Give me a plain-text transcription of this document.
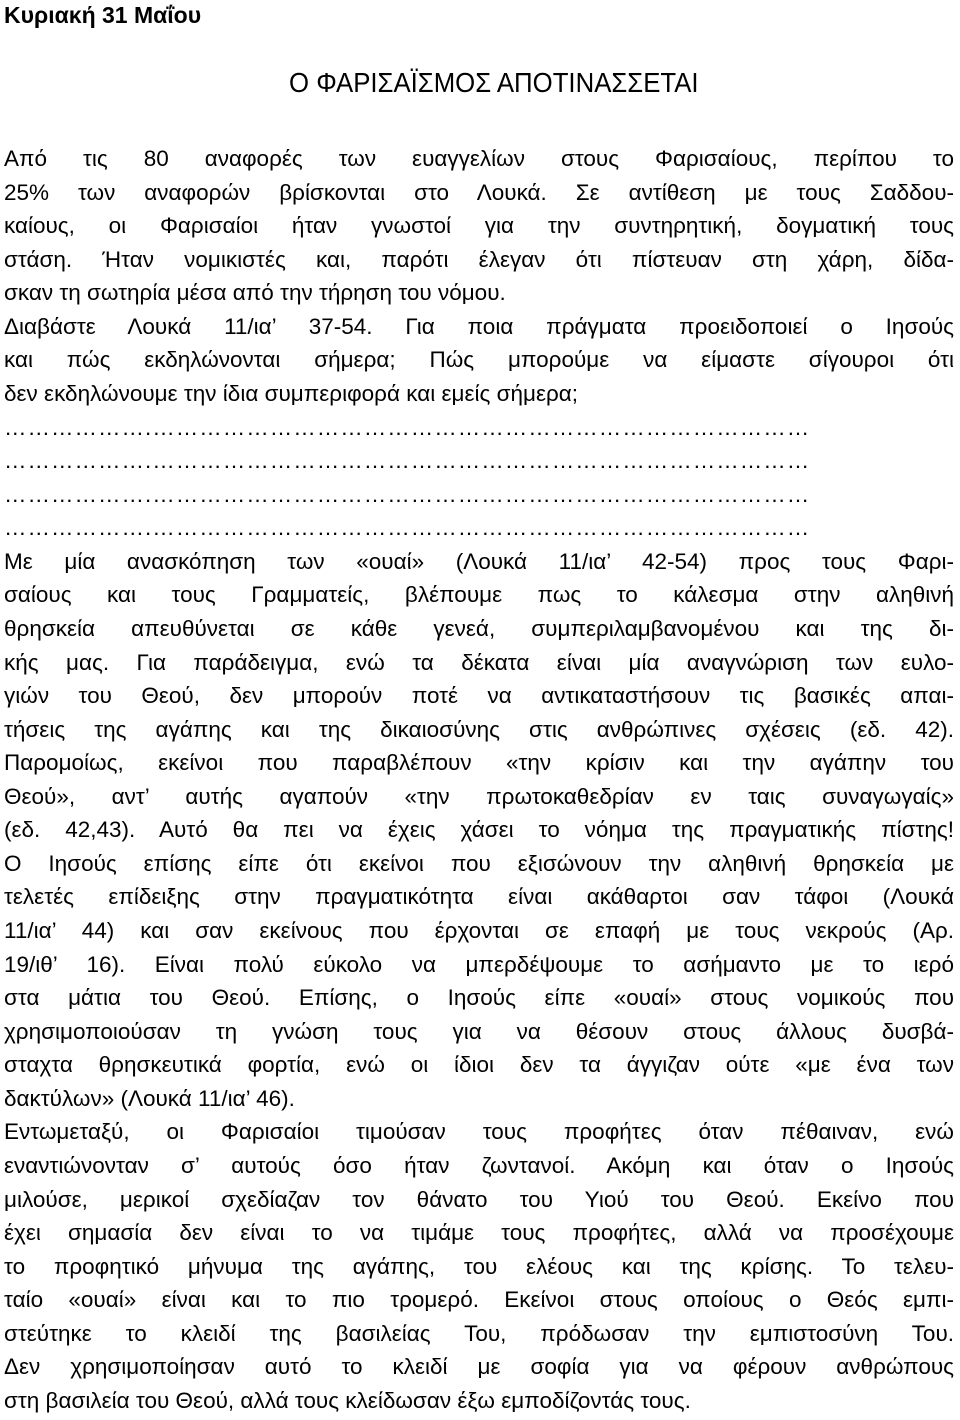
Κυριακή 31 Μαΐου
Ο ΦΑΡΙΣΑΪΣΜΟΣ ΑΠΟΤΙΝΑΣΣΕΤΑΙ
Από τις 80 αναφορές των ευαγγελίων στους Φαρισαίους, περίπου το
25% των αναφορών βρίσκονται στο Λουκά. Σε αντίθεση με τους Σαδδου-
καίους, οι Φαρισαίοι ήταν γνωστοί για την συντηρητική, δογματική τους
στάση. Ήταν νομικιστές και, παρότι έλεγαν ότι πίστευαν στη χάρη, δίδα-
σκαν τη σωτηρία μέσα από την τήρηση του νόμου.
Διαβάστε Λουκά 11/ια’ 37-54. Για ποια πράγματα προειδοποιεί ο Ιησούς
και πώς εκδηλώνονται σήμερα; Πώς μπορούμε να είμαστε σίγουροι ότι
δεν εκδηλώνουμε την ίδια συμπεριφορά και εμείς σήμερα;
……………….…………………………………………………………………………
……………….…………………………………………………………………………
……………….…………………………………………………………………………
……………….…………………………………………………………………………
Με μία ανασκόπηση των «ουαί» (Λουκά 11/ια’ 42-54) προς τους Φαρι-
σαίους και τους Γραμματείς, βλέπουμε πως το κάλεσμα στην αληθινή
θρησκεία απευθύνεται σε κάθε γενεά, συμπεριλαμβανομένου και της δι-
κής μας. Για παράδειγμα, ενώ τα δέκατα είναι μία αναγνώριση των ευλο-
γιών του Θεού, δεν μπορούν ποτέ να αντικαταστήσουν τις βασικές απαι-
τήσεις της αγάπης και της δικαιοσύνης στις ανθρώπινες σχέσεις (εδ. 42).
Παρομοίως, εκείνοι που παραβλέπουν «την κρίσιν και την αγάπην του
Θεού», αντ’ αυτής αγαπούν «την πρωτοκαθεδρίαν εν ταις συναγωγαίς»
(εδ. 42,43). Αυτό θα πει να έχεις χάσει το νόημα της πραγματικής πίστης!
Ο Ιησούς επίσης είπε ότι εκείνοι που εξισώνουν την αληθινή θρησκεία με
τελετές επίδειξης στην πραγματικότητα είναι ακάθαρτοι σαν τάφοι (Λουκά
11/ια’ 44) και σαν εκείνους που έρχονται σε επαφή με τους νεκρούς (Αρ.
19/ιθ’ 16). Είναι πολύ εύκολο να μπερδέψουμε το ασήμαντο με το ιερό
στα μάτια του Θεού. Επίσης, ο Ιησούς είπε «ουαί» στους νομικούς που
χρησιμοποιούσαν τη γνώση τους για να θέσουν στους άλλους δυσβά-
σταχτα θρησκευτικά φορτία, ενώ οι ίδιοι δεν τα άγγιζαν ούτε «με ένα των
δακτύλων» (Λουκά 11/ια’ 46).
Εντωμεταξύ, οι Φαρισαίοι τιμούσαν τους προφήτες όταν πέθαιναν, ενώ
εναντιώνονταν σ’ αυτούς όσο ήταν ζωντανοί. Ακόμη και όταν ο Ιησούς
μιλούσε, μερικοί σχεδίαζαν τον θάνατο του Υιού του Θεού. Εκείνο που
έχει σημασία δεν είναι το να τιμάμε τους προφήτες, αλλά να προσέχουμε
το προφητικό μήνυμα της αγάπης, του ελέους και της κρίσης. Το τελευ-
ταίο «ουαί» είναι και το πιο τρομερό. Εκείνοι στους οποίους ο Θεός εμπι-
στεύτηκε το κλειδί της βασιλείας Του, πρόδωσαν την εμπιστοσύνη Του.
Δεν χρησιμοποίησαν αυτό το κλειδί με σοφία για να φέρουν ανθρώπους
στη βασιλεία του Θεού, αλλά τους κλείδωσαν έξω εμποδίζοντάς τους.
